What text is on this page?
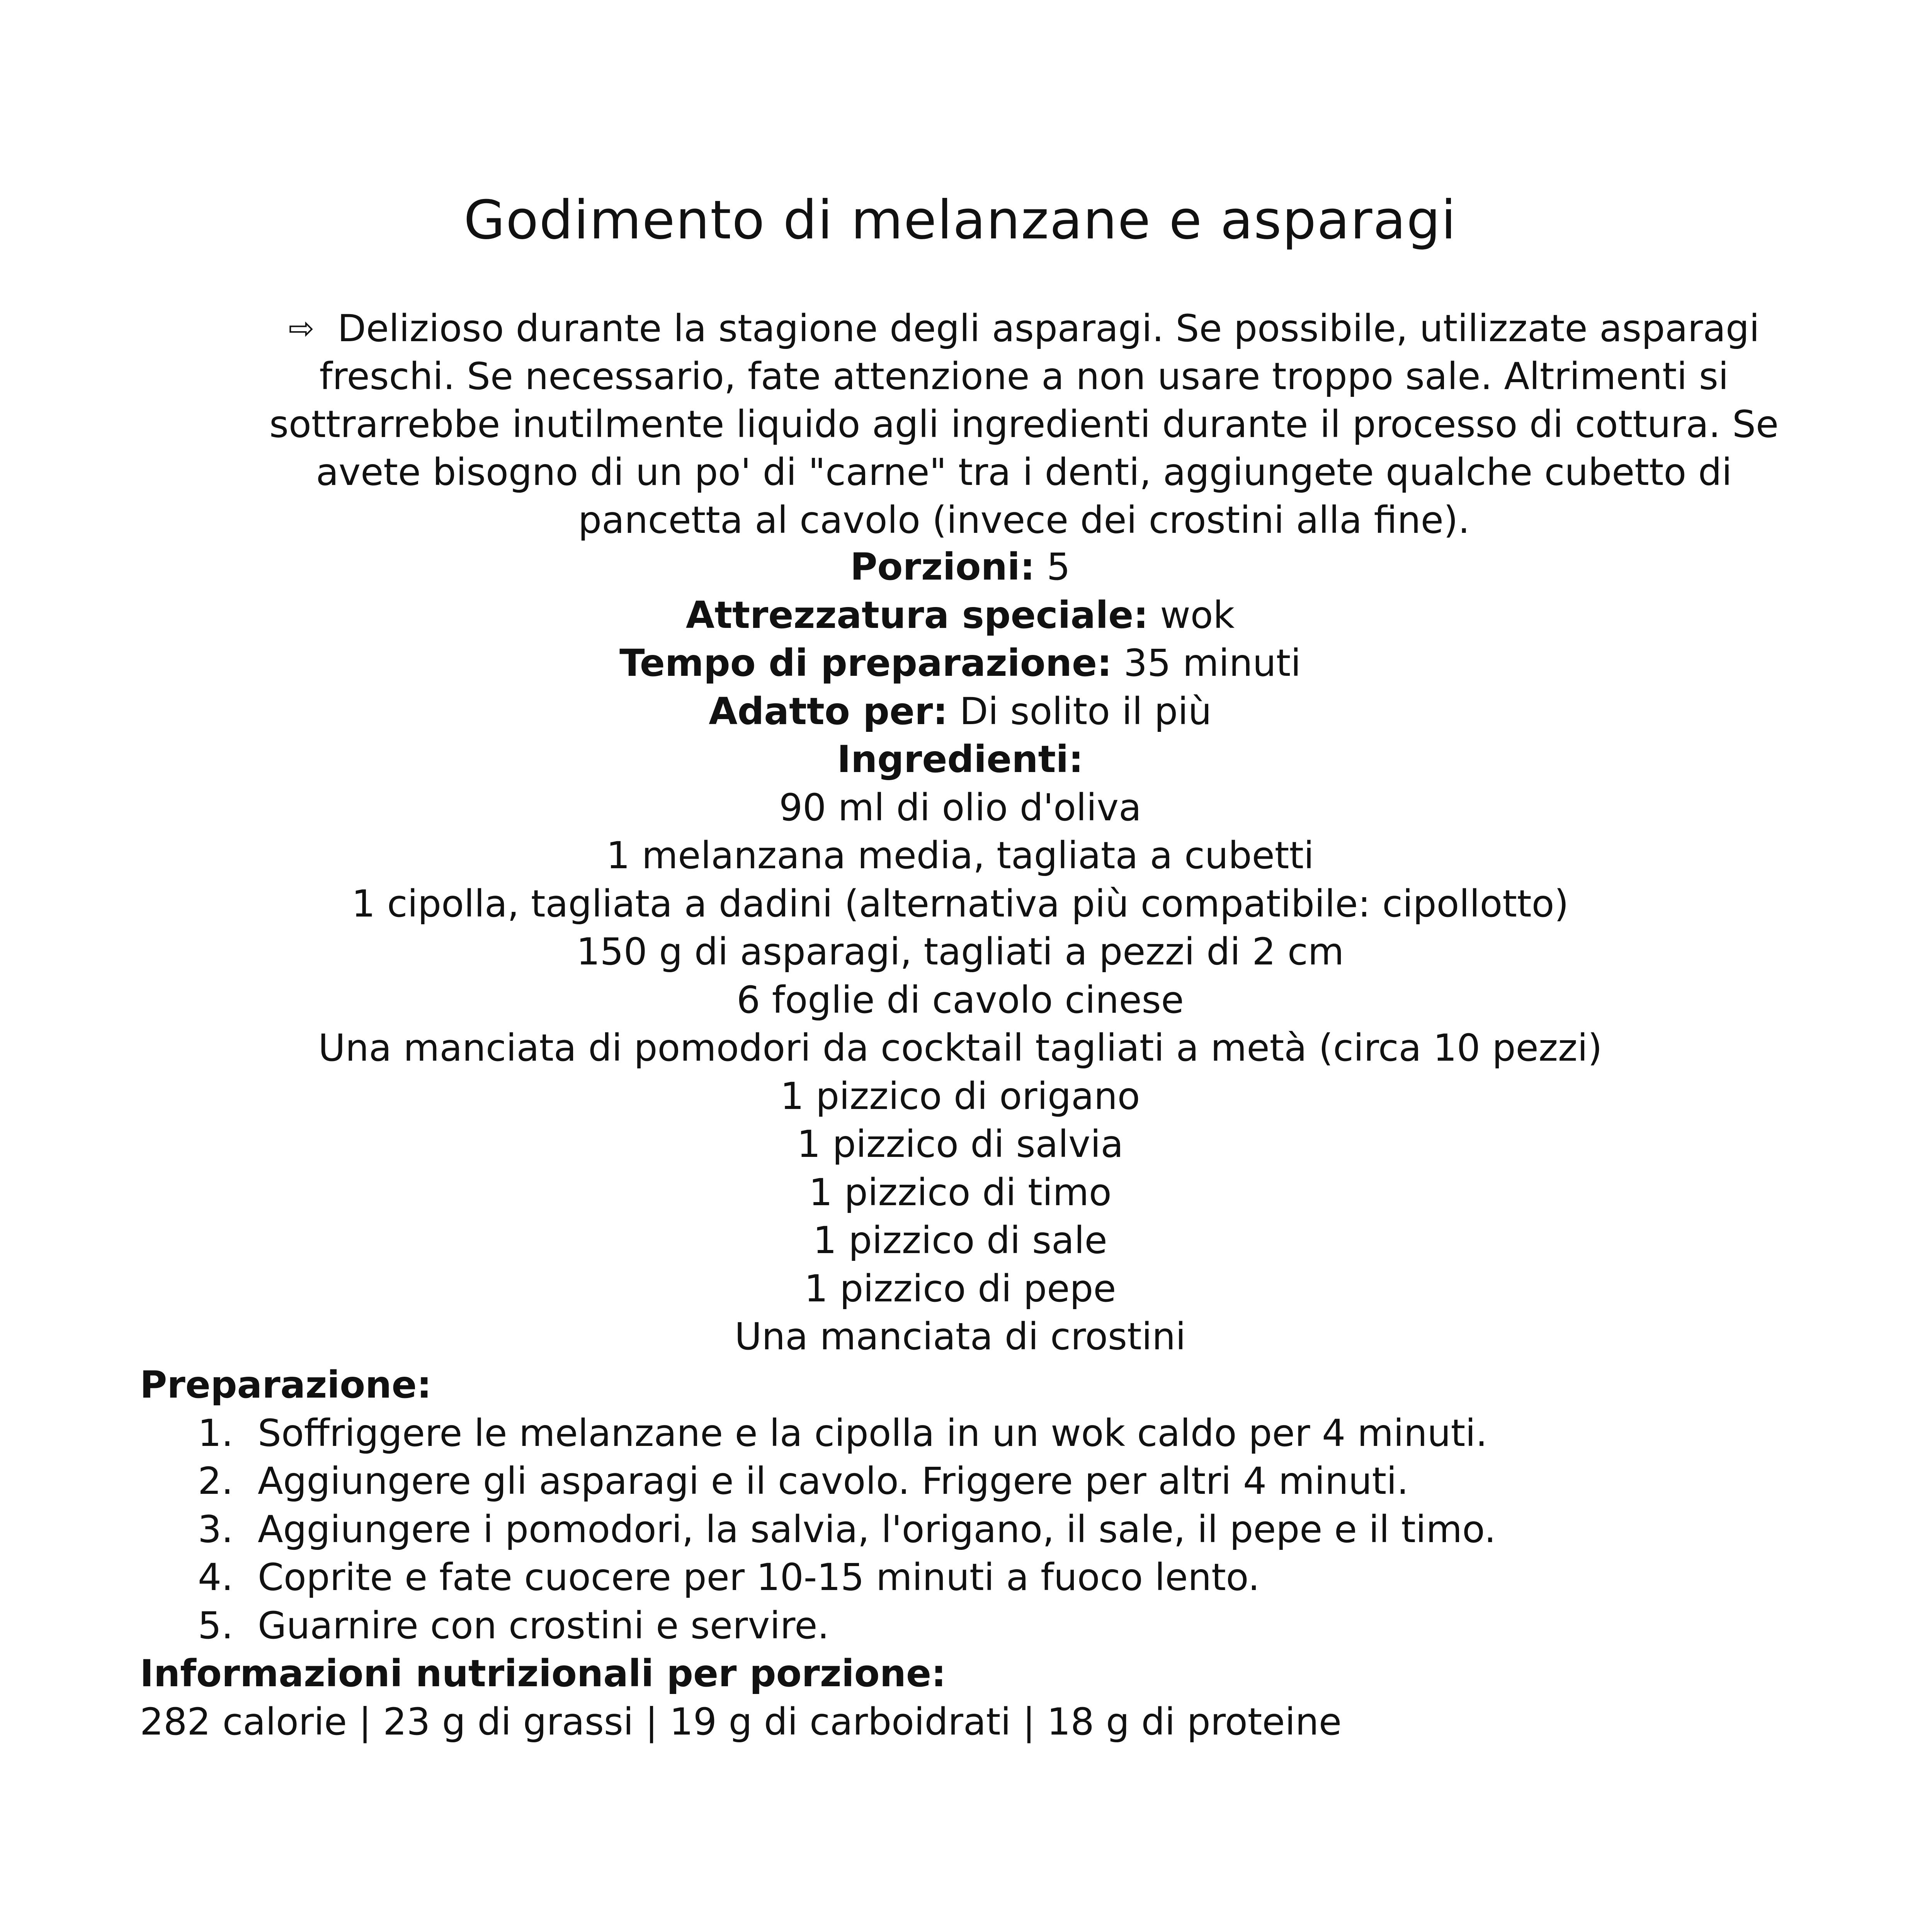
Godimento di melanzane e asparagi

⇨ Delizioso durante la stagione degli asparagi. Se possibile, utilizzate asparagi freschi. Se necessario, fate attenzione a non usare troppo sale. Altrimenti si sottrarrebbe inutilmente liquido agli ingredienti durante il processo di cottura. Se avete bisogno di un po' di "carne" tra i denti, aggiungete qualche cubetto di pancetta al cavolo (invece dei crostini alla fine).

Porzioni: 5
Attrezzatura speciale: wok
Tempo di preparazione: 35 minuti
Adatto per: Di solito il più
Ingredienti:
90 ml di olio d'oliva
1 melanzana media, tagliata a cubetti
1 cipolla, tagliata a dadini (alternativa più compatibile: cipollotto)
150 g di asparagi, tagliati a pezzi di 2 cm
6 foglie di cavolo cinese
Una manciata di pomodori da cocktail tagliati a metà (circa 10 pezzi)
1 pizzico di origano
1 pizzico di salvia
1 pizzico di timo
1 pizzico di sale
1 pizzico di pepe
Una manciata di crostini
Preparazione:
1. Soffriggere le melanzane e la cipolla in un wok caldo per 4 minuti.
2. Aggiungere gli asparagi e il cavolo. Friggere per altri 4 minuti.
3. Aggiungere i pomodori, la salvia, l'origano, il sale, il pepe e il timo.
4. Coprite e fate cuocere per 10-15 minuti a fuoco lento.
5. Guarnire con crostini e servire.
Informazioni nutrizionali per porzione:
282 calorie | 23 g di grassi | 19 g di carboidrati | 18 g di proteine
